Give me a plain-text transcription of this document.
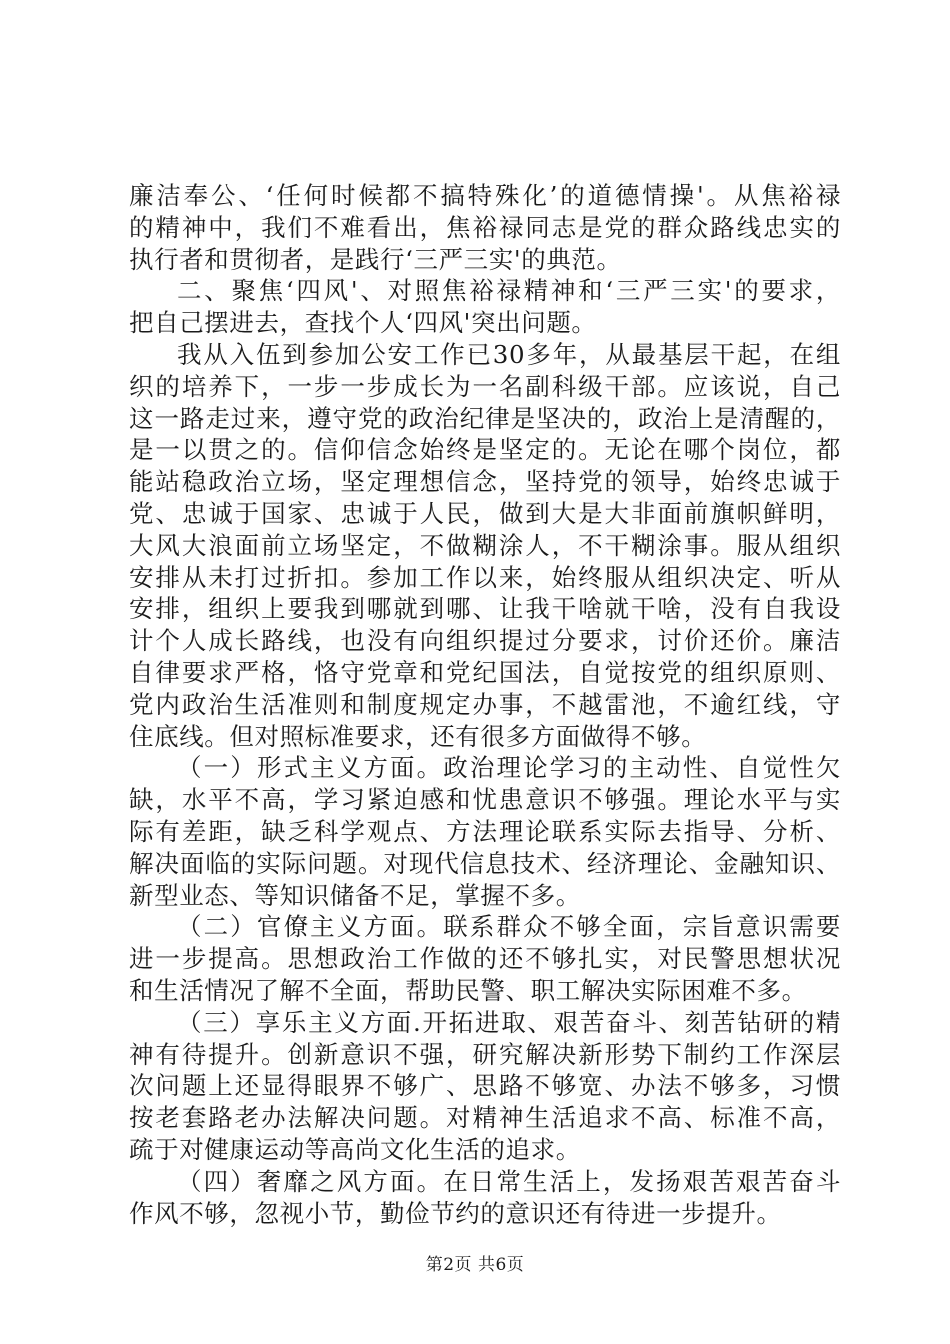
廉洁奉公、‘任何时候都不搞特殊化’的道德情操'。从焦裕禄
的精神中，我们不难看出，焦裕禄同志是党的群众路线忠实的
执行者和贯彻者，是践行‘三严三实'的典范。
二、聚焦‘四风'、对照焦裕禄精神和‘三严三实'的要求，
把自己摆进去，查找个人‘四风'突出问题。
我从入伍到参加公安工作已30多年，从最基层干起，在组
织的培养下，一步一步成长为一名副科级干部。应该说，自己
这一路走过来，遵守党的政治纪律是坚决的，政治上是清醒的，
是一以贯之的。信仰信念始终是坚定的。无论在哪个岗位，都
能站稳政治立场，坚定理想信念，坚持党的领导，始终忠诚于
党、忠诚于国家、忠诚于人民，做到大是大非面前旗帜鲜明，
大风大浪面前立场坚定，不做糊涂人，不干糊涂事。服从组织
安排从未打过折扣。参加工作以来，始终服从组织决定、听从
安排，组织上要我到哪就到哪、让我干啥就干啥，没有自我设
计个人成长路线，也没有向组织提过分要求，讨价还价。廉洁
自律要求严格，恪守党章和党纪国法，自觉按党的组织原则、
党内政治生活准则和制度规定办事，不越雷池，不逾红线，守
住底线。但对照标准要求，还有很多方面做得不够。
（一）形式主义方面。政治理论学习的主动性、自觉性欠
缺，水平不高，学习紧迫感和忧患意识不够强。理论水平与实
际有差距，缺乏科学观点、方法理论联系实际去指导、分析、
解决面临的实际问题。对现代信息技术、经济理论、金融知识、
新型业态、等知识储备不足，掌握不多。
（二）官僚主义方面。联系群众不够全面，宗旨意识需要
进一步提高。思想政治工作做的还不够扎实，对民警思想状况
和生活情况了解不全面，帮助民警、职工解决实际困难不多。
（三）享乐主义方面.开拓进取、艰苦奋斗、刻苦钻研的精
神有待提升。创新意识不强，研究解决新形势下制约工作深层
次问题上还显得眼界不够广、思路不够宽、办法不够多，习惯
按老套路老办法解决问题。对精神生活追求不高、标准不高，
疏于对健康运动等高尚文化生活的追求。
（四）奢靡之风方面。在日常生活上，发扬艰苦艰苦奋斗
作风不够，忽视小节，勤俭节约的意识还有待进一步提升。
第2页 共6页
